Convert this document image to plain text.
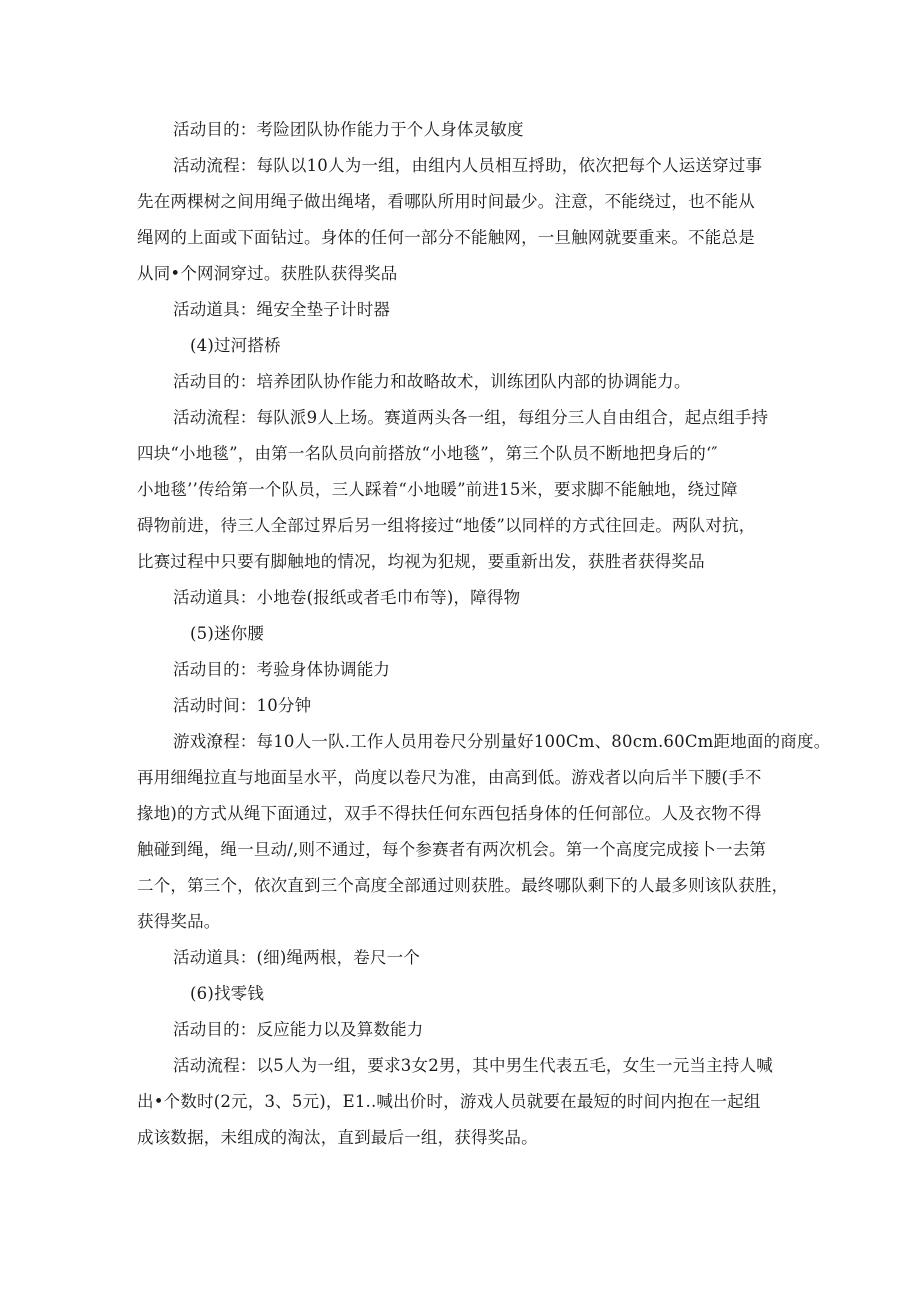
活动目的：考险团队协作能力于个人身体灵敏度
活动流程：每队以10人为一组，由组内人员相互捋助，依次把每个人运送穿过事
先在两棵树之间用绳子做出绳堵，看哪队所用时间最少。注意，不能绕过，也不能从
绳网的上面或下面钻过。身体的任何一部分不能触网，一旦触网就要重来。不能总是
从同•个网洞穿过。获胜队获得奖品
活动道具：绳安全垫子计时器
(4)过河搭桥
活动目的：培养团队协作能力和故略故术，训练团队内部的协调能力。
活动流程：每队派9人上场。赛道两头各一组，每组分三人自由组合，起点组手持
四块“小地毯”，由第一名队员向前搭放“小地毯”，第三个队员不断地把身后的‘″
小地毯’’传给第一个队员，三人踩着“小地暖”前进15米，要求脚不能触地，绕过障
碍物前进，待三人全部过界后另一组将接过“地倭”以同样的方式往回走。两队对抗，
比赛过程中只要有脚触地的情况，均视为犯规，要重新出发，获胜者获得奖品
活动道具：小地卷(报纸或者毛巾布等)，障得物
(5)迷你腰
活动目的：考验身体协调能力
活动时间：10分钟
游戏潦程：每10人一队.工作人员用卷尺分别量好100Cm、80cm.60Cm距地面的商度。
再用细绳拉直与地面呈水平，尚度以卷尺为准，由高到低。游戏者以向后半下腰(手不
掾地)的方式从绳下面通过，双手不得扶任何东西包括身体的任何部位。人及衣物不得
触碰到绳，绳一旦动/,则不通过，每个参赛者有两次机会。第一个高度完成接卜一去第
二个，第三个，依次直到三个高度全部通过则获胜。最终哪队剩下的人最多则该队获胜，
获得奖品。
活动道具：(细)绳两根，卷尺一个
(6)找零钱
活动目的：反应能力以及算数能力
活动流程：以5人为一组，要求3女2男，其中男生代表五毛，女生一元当主持人喊
出•个数时(2元，3、5元)，E1..喊出价时，游戏人员就要在最短的时间内抱在一起组
成该数据，未组成的淘汰，直到最后一组，获得奖品。
